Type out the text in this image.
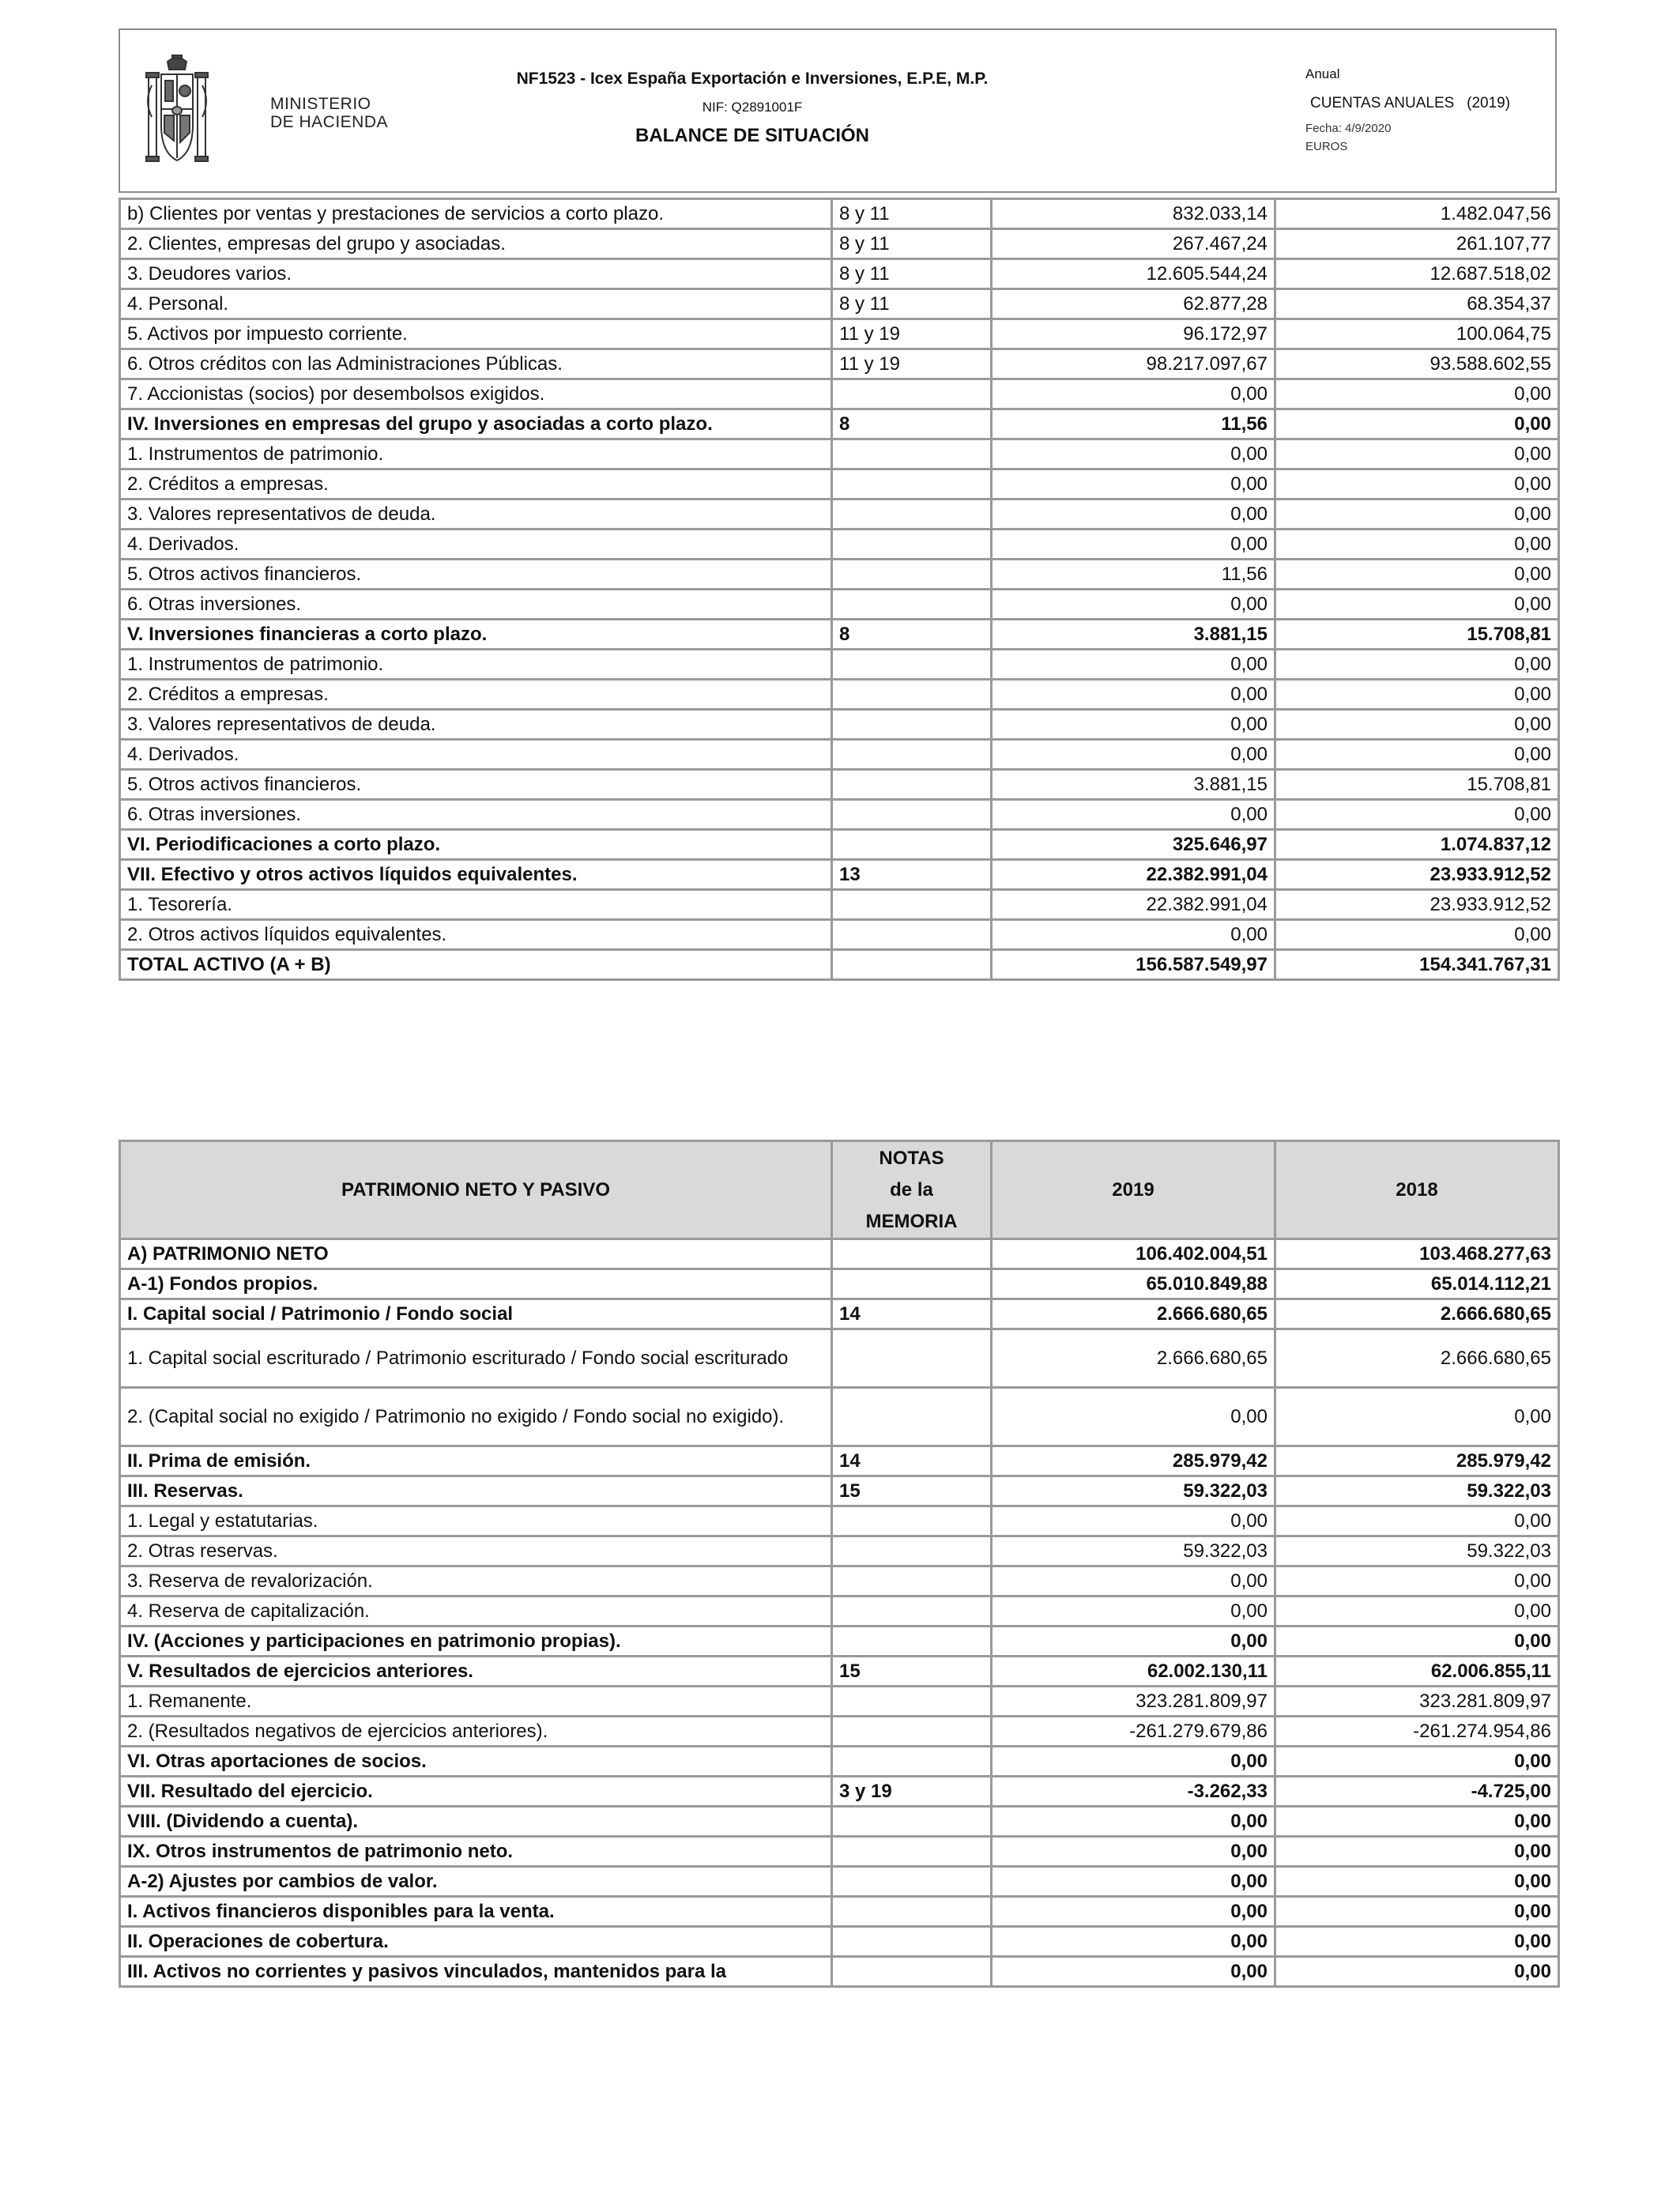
MINISTERIO
DE HACIENDA
NF1523 - Icex España Exportación e Inversiones, E.P.E, M.P.
NIF: Q2891001F
BALANCE DE SITUACIÓN
Anual
CUENTAS ANUALES   (2019)
Fecha: 4/9/2020
EUROS
b) Clientes por ventas y prestaciones de servicios a corto plazo.	8 y 11	832.033,14	1.482.047,56
2. Clientes, empresas del grupo y asociadas.	8 y 11	267.467,24	261.107,77
3. Deudores varios.	8 y 11	12.605.544,24	12.687.518,02
4. Personal.	8 y 11	62.877,28	68.354,37
5. Activos por impuesto corriente.	11 y 19	96.172,97	100.064,75
6. Otros créditos con las Administraciones Públicas.	11 y 19	98.217.097,67	93.588.602,55
7. Accionistas (socios) por desembolsos exigidos.		0,00	0,00
IV. Inversiones en empresas del grupo y asociadas a corto plazo.	8	11,56	0,00
1. Instrumentos de patrimonio.		0,00	0,00
2. Créditos a empresas.		0,00	0,00
3. Valores representativos de deuda.		0,00	0,00
4. Derivados.		0,00	0,00
5. Otros activos financieros.		11,56	0,00
6. Otras inversiones.		0,00	0,00
V. Inversiones financieras a corto plazo.	8	3.881,15	15.708,81
1. Instrumentos de patrimonio.		0,00	0,00
2. Créditos a empresas.		0,00	0,00
3. Valores representativos de deuda.		0,00	0,00
4. Derivados.		0,00	0,00
5. Otros activos financieros.		3.881,15	15.708,81
6. Otras inversiones.		0,00	0,00
VI. Periodificaciones a corto plazo.		325.646,97	1.074.837,12
VII. Efectivo y otros activos líquidos equivalentes.	13	22.382.991,04	23.933.912,52
1. Tesorería.		22.382.991,04	23.933.912,52
2. Otros activos líquidos equivalentes.		0,00	0,00
TOTAL ACTIVO (A + B)		156.587.549,97	154.341.767,31
PATRIMONIO NETO Y PASIVO	NOTAS
de la
MEMORIA	2019	2018
A) PATRIMONIO NETO		106.402.004,51	103.468.277,63
A-1) Fondos propios.		65.010.849,88	65.014.112,21
I. Capital social / Patrimonio / Fondo social	14	2.666.680,65	2.666.680,65
1. Capital social escriturado / Patrimonio escriturado / Fondo social escriturado		2.666.680,65	2.666.680,65
2. (Capital social no exigido / Patrimonio no exigido / Fondo social no exigido).		0,00	0,00
II. Prima de emisión.	14	285.979,42	285.979,42
III. Reservas.	15	59.322,03	59.322,03
1. Legal y estatutarias.		0,00	0,00
2. Otras reservas.		59.322,03	59.322,03
3. Reserva de revalorización.		0,00	0,00
4. Reserva de capitalización.		0,00	0,00
IV. (Acciones y participaciones en patrimonio propias).		0,00	0,00
V. Resultados de ejercicios anteriores.	15	62.002.130,11	62.006.855,11
1. Remanente.		323.281.809,97	323.281.809,97
2. (Resultados negativos de ejercicios anteriores).		-261.279.679,86	-261.274.954,86
VI. Otras aportaciones de socios.		0,00	0,00
VII. Resultado del ejercicio.	3 y 19	-3.262,33	-4.725,00
VIII. (Dividendo a cuenta).		0,00	0,00
IX. Otros instrumentos de patrimonio neto.		0,00	0,00
A-2) Ajustes por cambios de valor.		0,00	0,00
I. Activos financieros disponibles para la venta.		0,00	0,00
II. Operaciones de cobertura.		0,00	0,00
III. Activos no corrientes y pasivos vinculados, mantenidos para la		0,00	0,00
